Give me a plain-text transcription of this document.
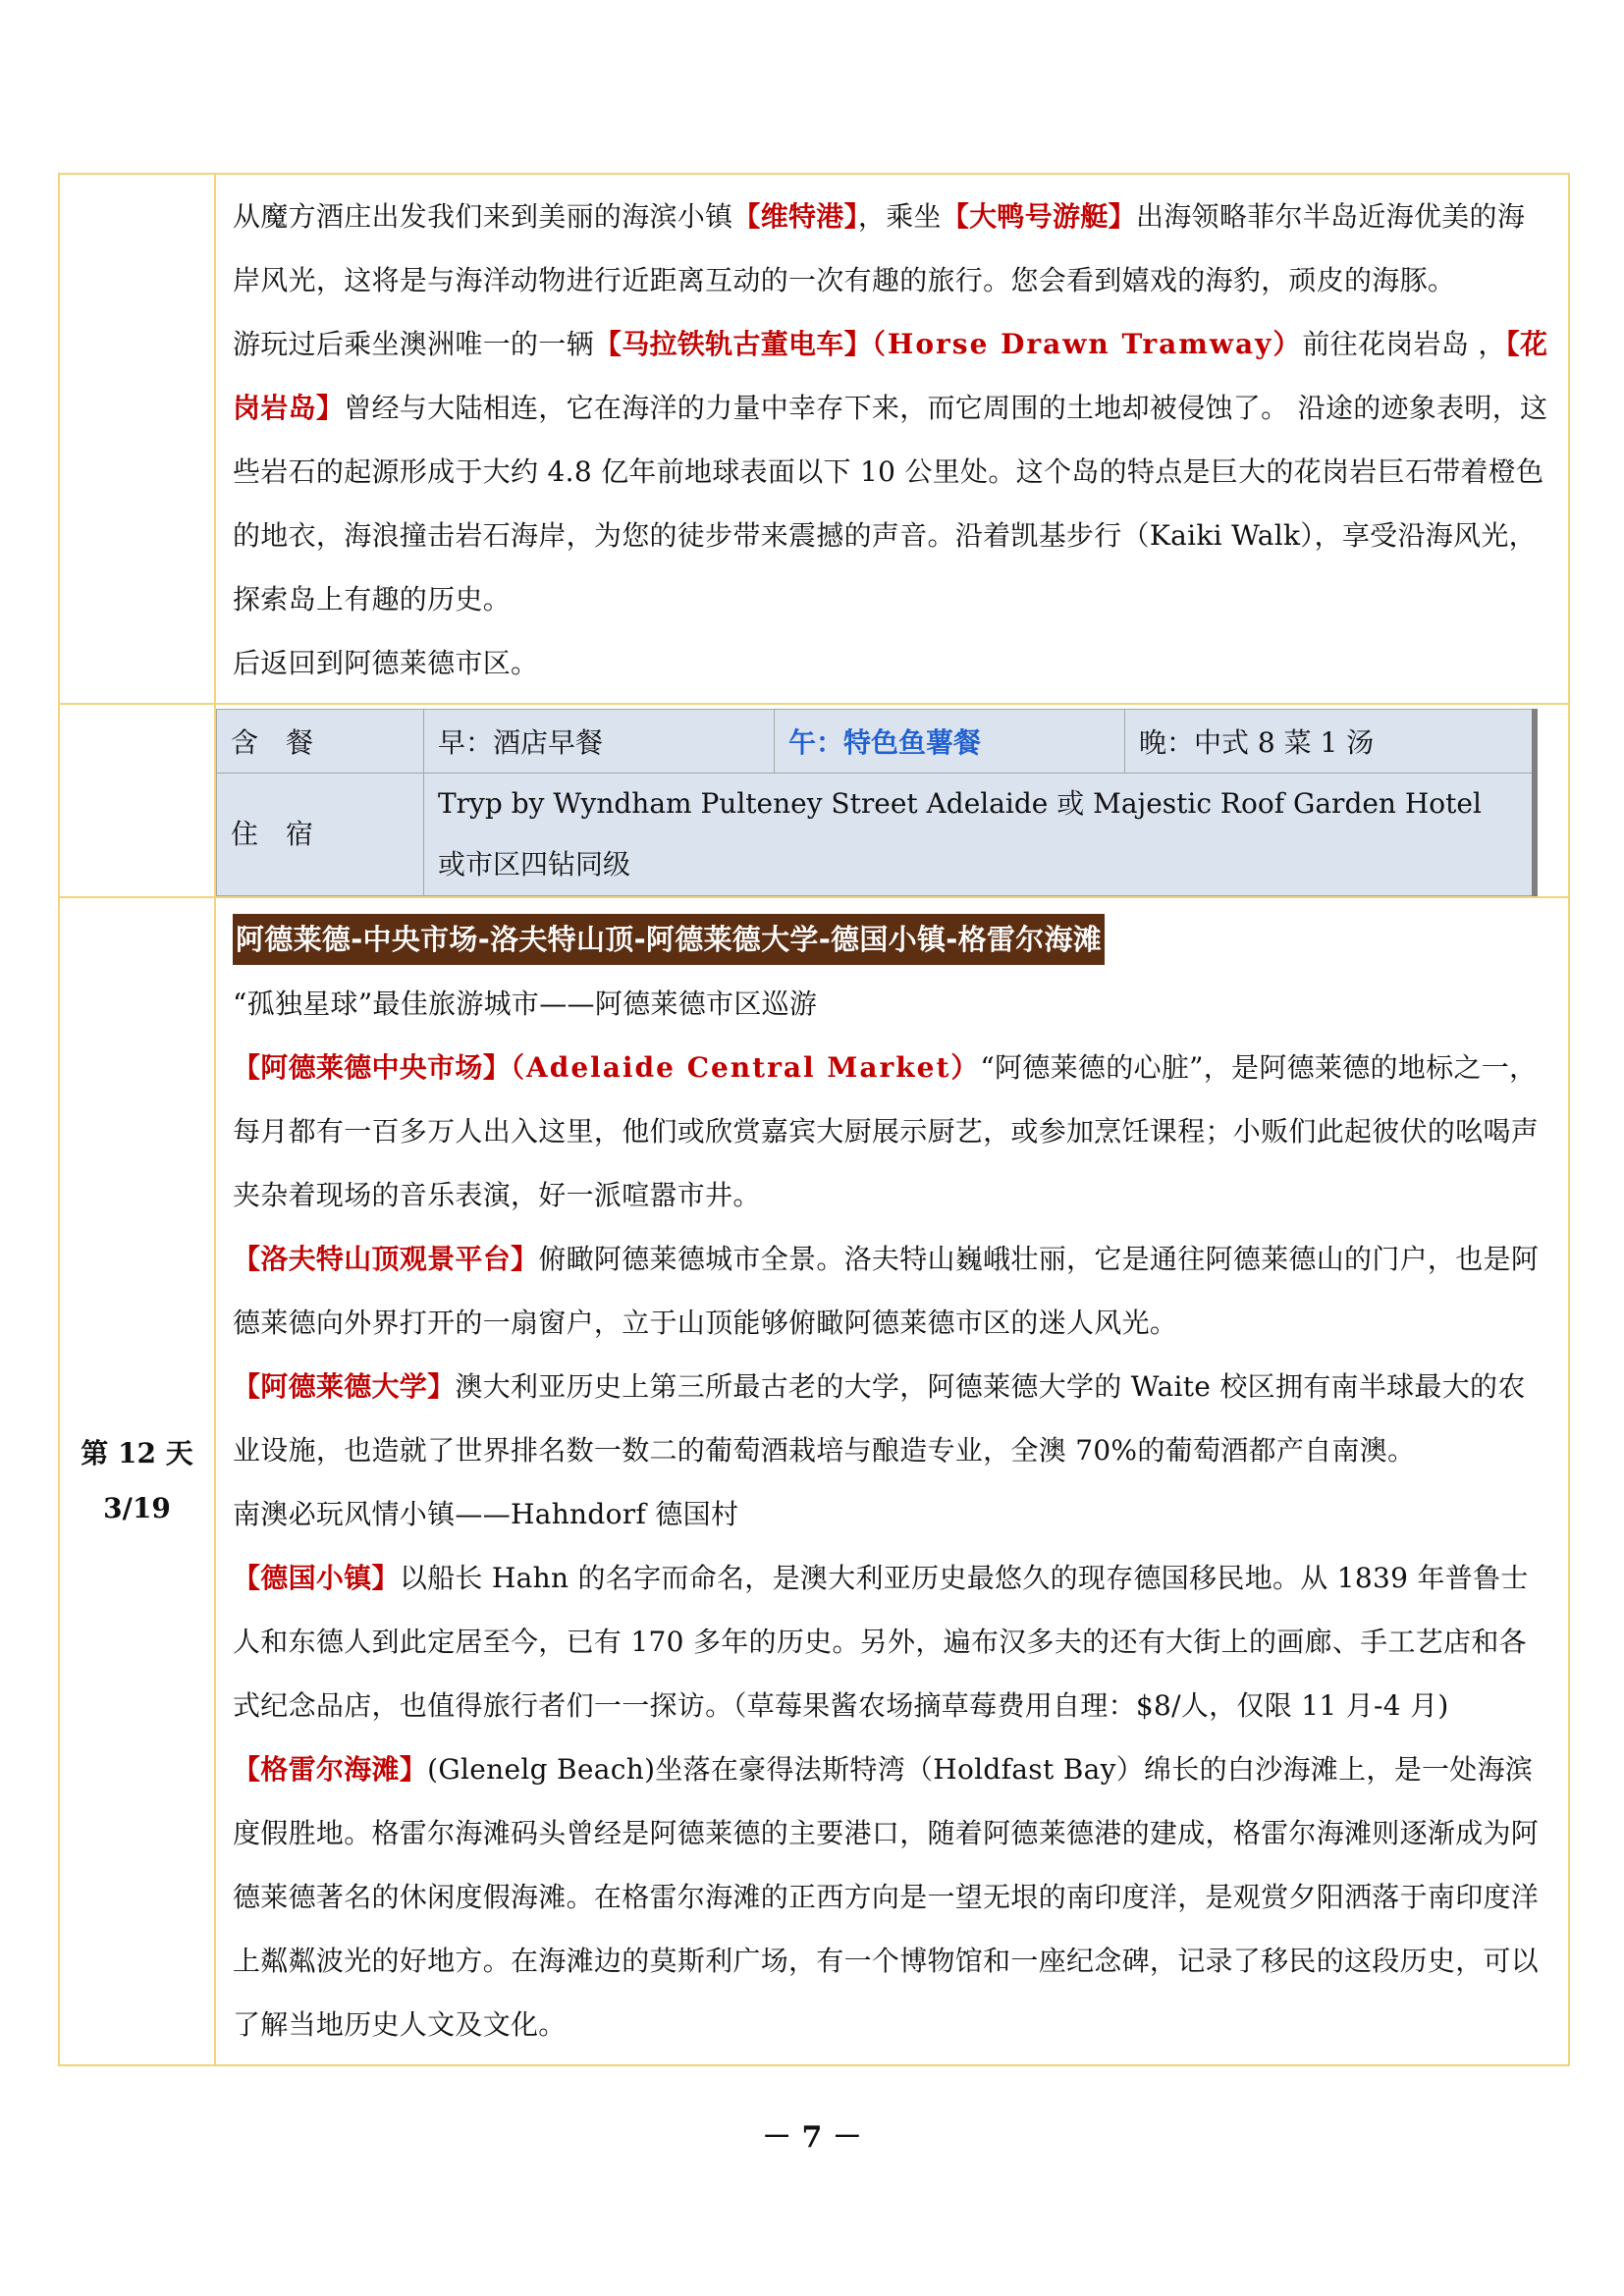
从魔方酒庄出发我们来到美丽的海滨小镇【维特港】，乘坐【大鸭号游艇】出海领略菲尔半岛近海优美的海岸风光，这将是与海洋动物进行近距离互动的一次有趣的旅行。您会看到嬉戏的海豹，顽皮的海豚。

游玩过后乘坐澳洲唯一的一辆【马拉铁轨古董电车】（Horse Drawn Tramway）前往花岗岩岛 ，【花岗岩岛】曾经与大陆相连，它在海洋的力量中幸存下来，而它周围的土地却被侵蚀了。 沿途的迹象表明，这些岩石的起源形成于大约 4.8 亿年前地球表面以下 10 公里处。这个岛的特点是巨大的花岗岩巨石带着橙色的地衣，海浪撞击岩石海岸，为您的徒步带来震撼的声音。沿着凯基步行（Kaiki Walk），享受沿海风光，探索岛上有趣的历史。

后返回到阿德莱德市区。

含　餐	早：酒店早餐	午：特色鱼薯餐	晚：中式 8 菜 1 汤
住　宿	Tryp by Wyndham Pulteney Street Adelaide 或 Majestic Roof Garden Hotel 或市区四钻同级

第 12 天
3/19

阿德莱德-中央市场-洛夫特山顶-阿德莱德大学-德国小镇-格雷尔海滩

“孤独星球”最佳旅游城市——阿德莱德市区巡游

【阿德莱德中央市场】（Adelaide Central Market）“阿德莱德的心脏”，是阿德莱德的地标之一，每月都有一百多万人出入这里，他们或欣赏嘉宾大厨展示厨艺，或参加烹饪课程；小贩们此起彼伏的吆喝声夹杂着现场的音乐表演，好一派喧嚣市井。

【洛夫特山顶观景平台】俯瞰阿德莱德城市全景。洛夫特山巍峨壮丽，它是通往阿德莱德山的门户，也是阿德莱德向外界打开的一扇窗户，立于山顶能够俯瞰阿德莱德市区的迷人风光。

【阿德莱德大学】澳大利亚历史上第三所最古老的大学，阿德莱德大学的 Waite 校区拥有南半球最大的农业设施，也造就了世界排名数一数二的葡萄酒栽培与酿造专业，全澳 70%的葡萄酒都产自南澳。

南澳必玩风情小镇——Hahndorf 德国村

【德国小镇】以船长 Hahn 的名字而命名，是澳大利亚历史最悠久的现存德国移民地。从 1839 年普鲁士人和东德人到此定居至今，已有 170 多年的历史。另外，遍布汉多夫的还有大街上的画廊、手工艺店和各式纪念品店，也值得旅行者们一一探访。（草莓果酱农场摘草莓费用自理：$8/人，仅限 11 月-4 月)

【格雷尔海滩】(Glenelg Beach)坐落在豪得法斯特湾（Holdfast Bay）绵长的白沙海滩上，是一处海滨度假胜地。格雷尔海滩码头曾经是阿德莱德的主要港口，随着阿德莱德港的建成，格雷尔海滩则逐渐成为阿德莱德著名的休闲度假海滩。在格雷尔海滩的正西方向是一望无垠的南印度洋，是观赏夕阳洒落于南印度洋上粼粼波光的好地方。在海滩边的莫斯利广场，有一个博物馆和一座纪念碑，记录了移民的这段历史，可以了解当地历史人文及文化。

－ 7 －
